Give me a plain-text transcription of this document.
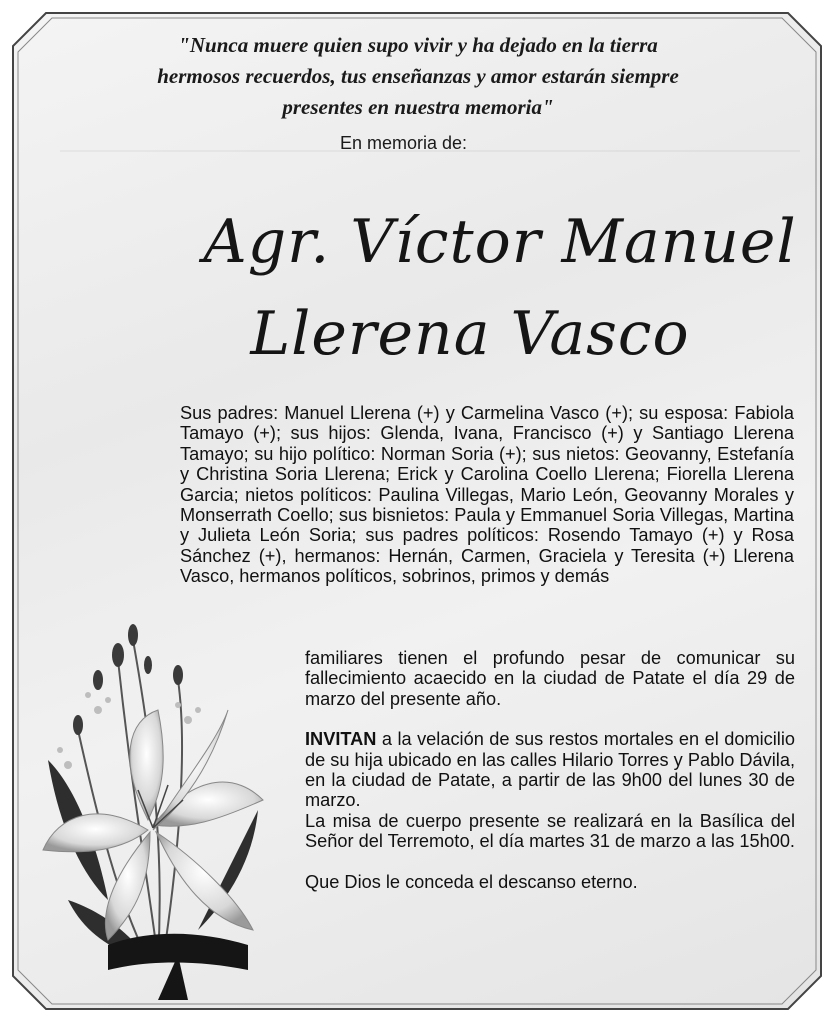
"Nunca muere quien supo vivir y ha dejado en la tierra
hermosos recuerdos, tus enseñanzas y amor estarán siempre
presentes en nuestra memoria"
En memoria de:
Agr. Víctor Manuel
Llerena Vasco
Sus padres: Manuel Llerena (+) y Carmelina Vasco (+); su esposa: Fabiola Tamayo (+); sus hijos: Glenda, Ivana, Francisco (+) y Santiago Llerena Tamayo; su hijo político: Norman Soria (+); sus nietos: Geovanny, Estefanía y Christina Soria Llerena; Erick y Carolina Coello Llerena; Fiorella Llerena Garcia; nietos políticos: Paulina Villegas, Mario León, Geovanny Morales y Monserrath Coello; sus bisnietos: Paula y Emmanuel Soria Villegas, Martina y Julieta León Soria; sus padres políticos: Rosendo Tamayo (+) y Rosa Sánchez (+), hermanos: Hernán, Carmen, Graciela y Teresita (+) Llerena Vasco, hermanos políticos, sobrinos, primos y demás

familiares tienen el profundo pesar de comunicar su fallecimiento acaecido en la ciudad de Patate el día 29 de marzo del presente año.

INVITAN a la velación de sus restos mortales en el domicilio de su hija ubicado en las calles Hilario Torres y Pablo Dávila, en la ciudad de Patate, a partir de las 9h00 del lunes 30 de marzo.

La misa de cuerpo presente se realizará en la Basílica del Señor del Terremoto, el día martes 31 de marzo a las 15h00.

Que Dios le conceda el descanso eterno.
